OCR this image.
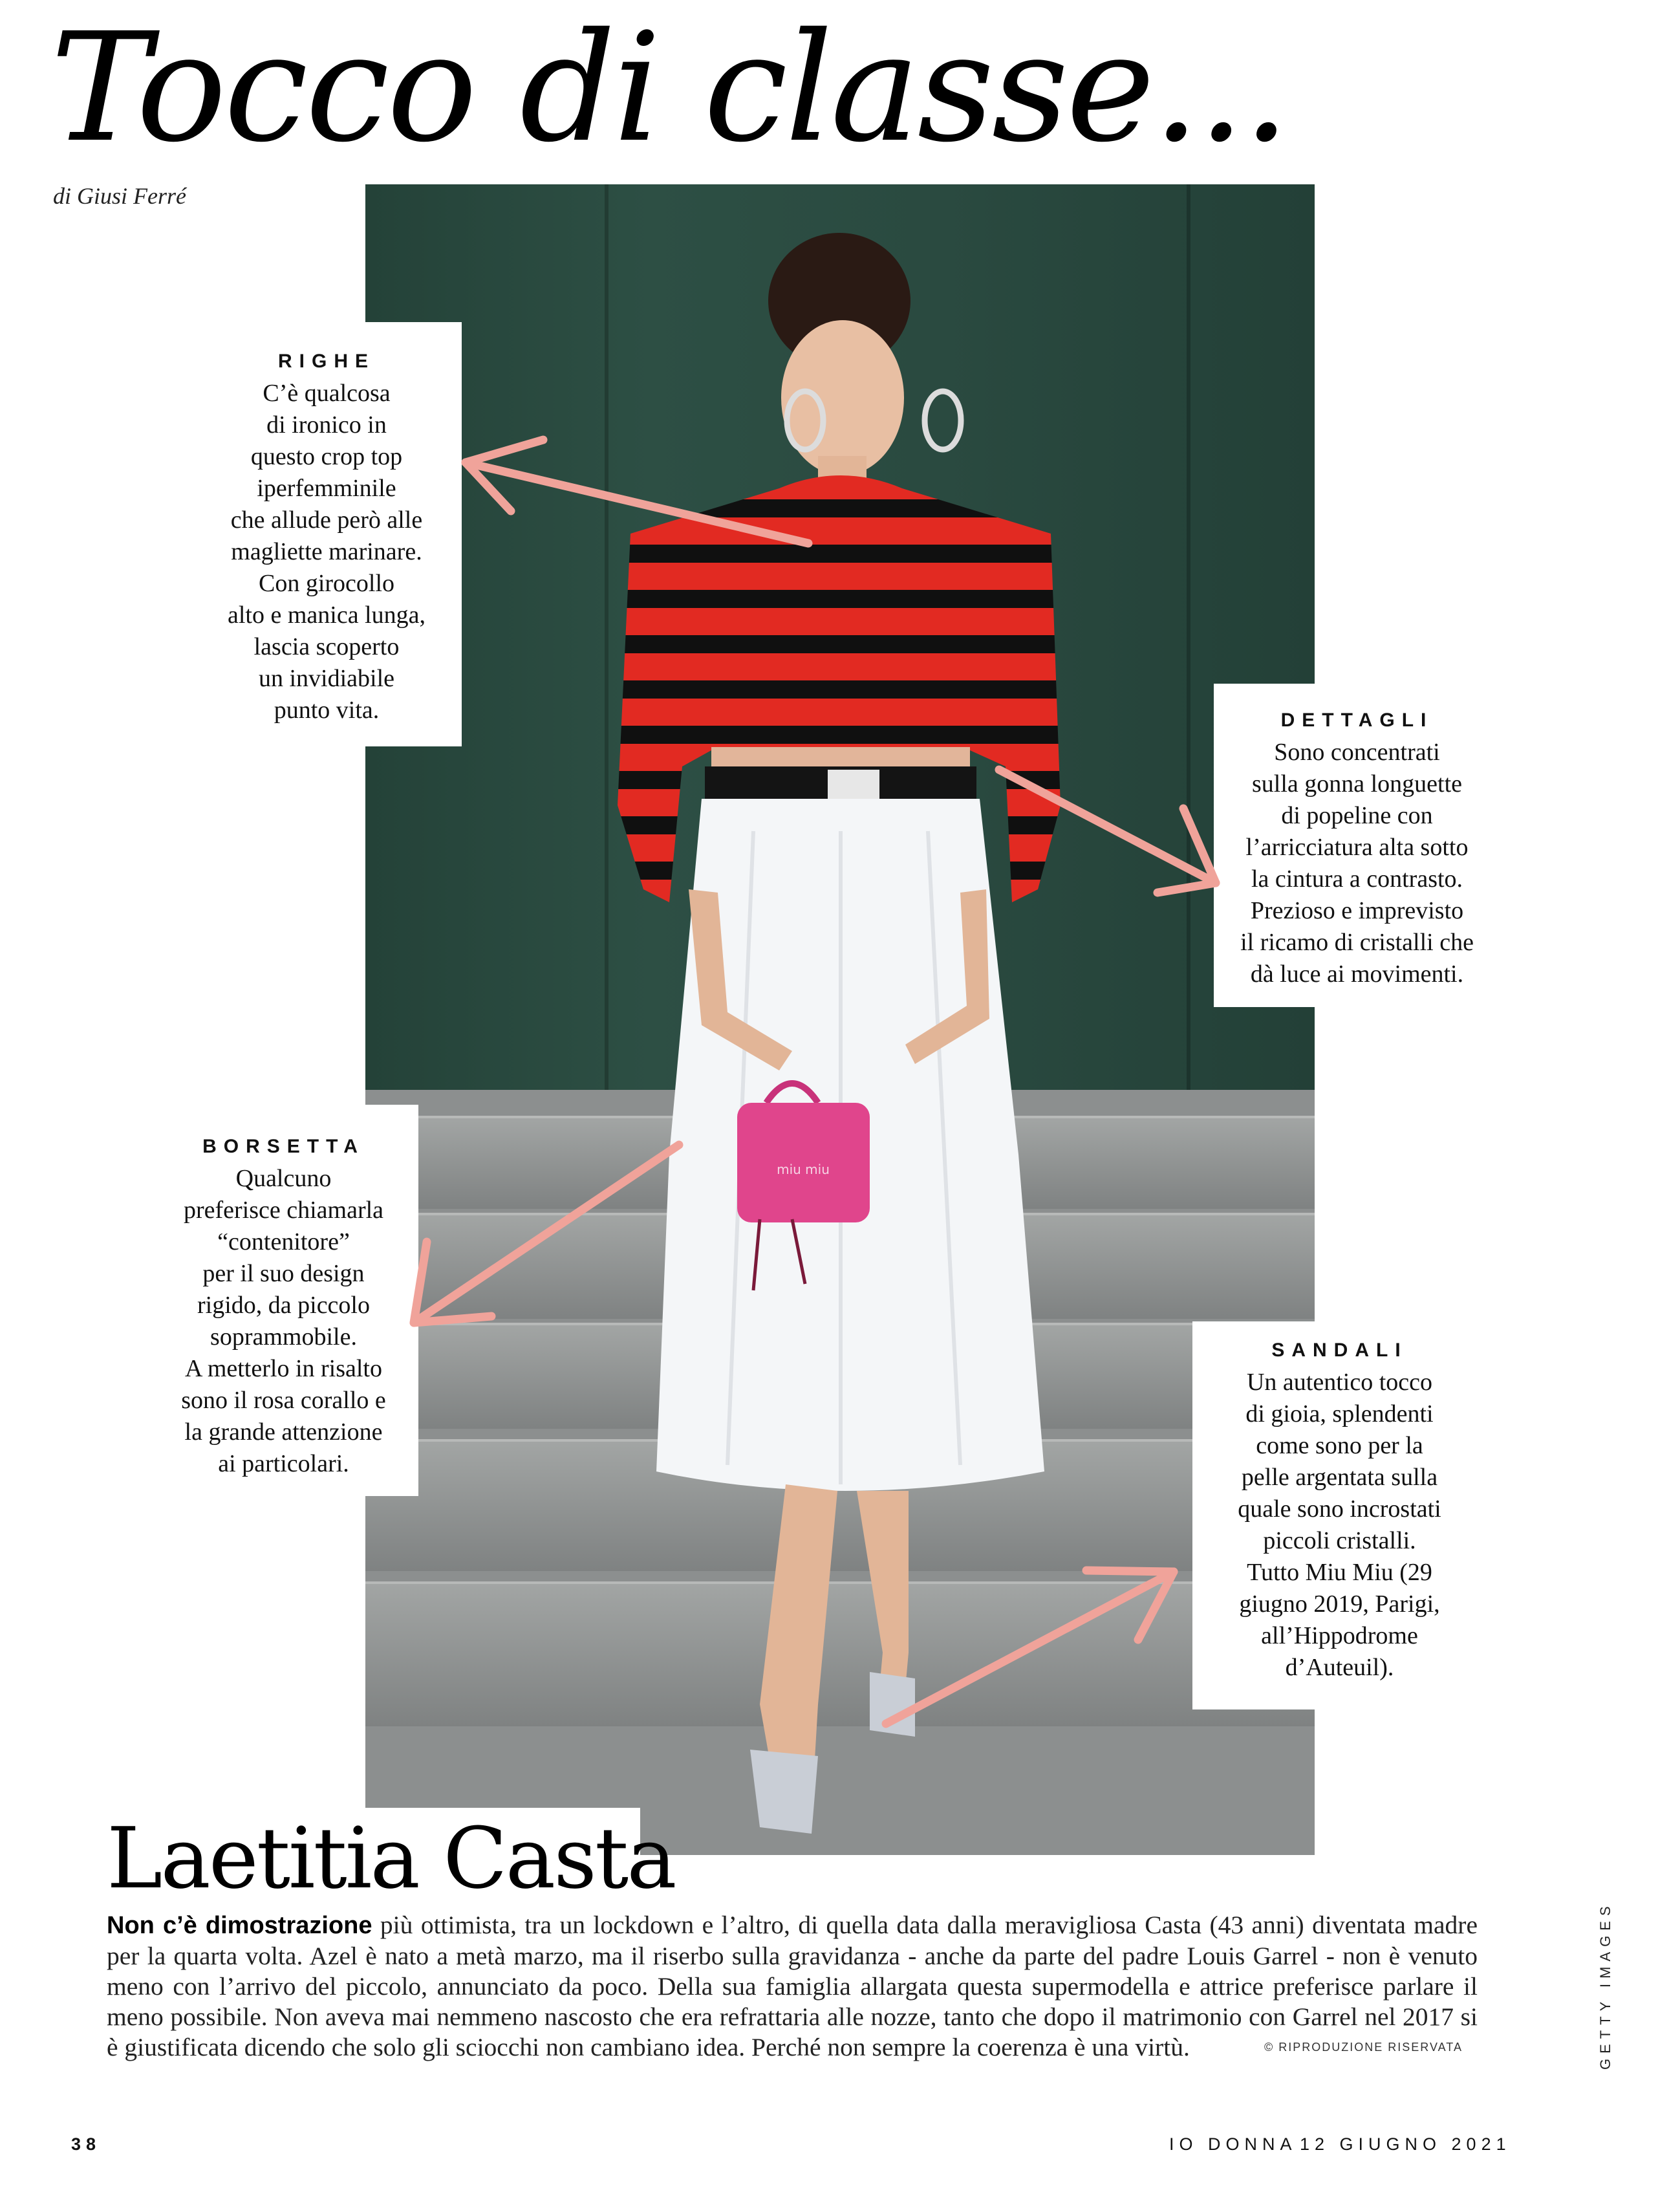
Tocco di classe...
di Giusi Ferré
miu miu
RIGHE
C’è qualcosa
di ironico in
questo crop top
iperfemminile
che allude però alle
magliette marinare.
Con girocollo
alto e manica lunga,
lascia scoperto
un invidiabile
punto vita.	DETTAGLI
Sono concentrati
sulla gonna longuette
di popeline con
l’arricciatura alta sotto
la cintura a contrasto.
Prezioso e imprevisto
il ricamo di cristalli che
dà luce ai movimenti.
BORSETTA
Qualcuno
preferisce chiamarla
“contenitore”
per il suo design
rigido, da piccolo
soprammobile.
A metterlo in risalto
sono il rosa corallo e
la grande attenzione
ai particolari.
SANDALI
Un autentico tocco
di gioia, splendenti
come sono per la
pelle argentata sulla
quale sono incrostati
piccoli cristalli.
Tutto Miu Miu (29
giugno 2019, Parigi,
all’Hippodrome
d’Auteuil).
Laetitia Casta
Non c’è dimostrazione più ottimista, tra un lockdown e l’altro, di quella data dalla meravigliosa Casta (43 anni) diventata madre per la quarta volta. Azel è nato a metà marzo, ma il riserbo sulla gravidanza - anche da parte del padre Louis Garrel - non è venuto meno con l’arrivo del piccolo, annunciato da poco. Della sua famiglia allargata questa supermodella e attrice preferisce parlare il meno possibile. Non aveva mai nemmeno nascosto che era refrattaria alle nozze, tanto che dopo il matrimonio con Garrel nel 2017 si è giustificata dicendo che solo gli sciocchi non cambiano idea. Perché non sempre la coerenza è una virtù.	© RIPRODUZIONE RISERVATA
38	IO DONNA 12 GIUGNO 2021
GETTY IMAGES
